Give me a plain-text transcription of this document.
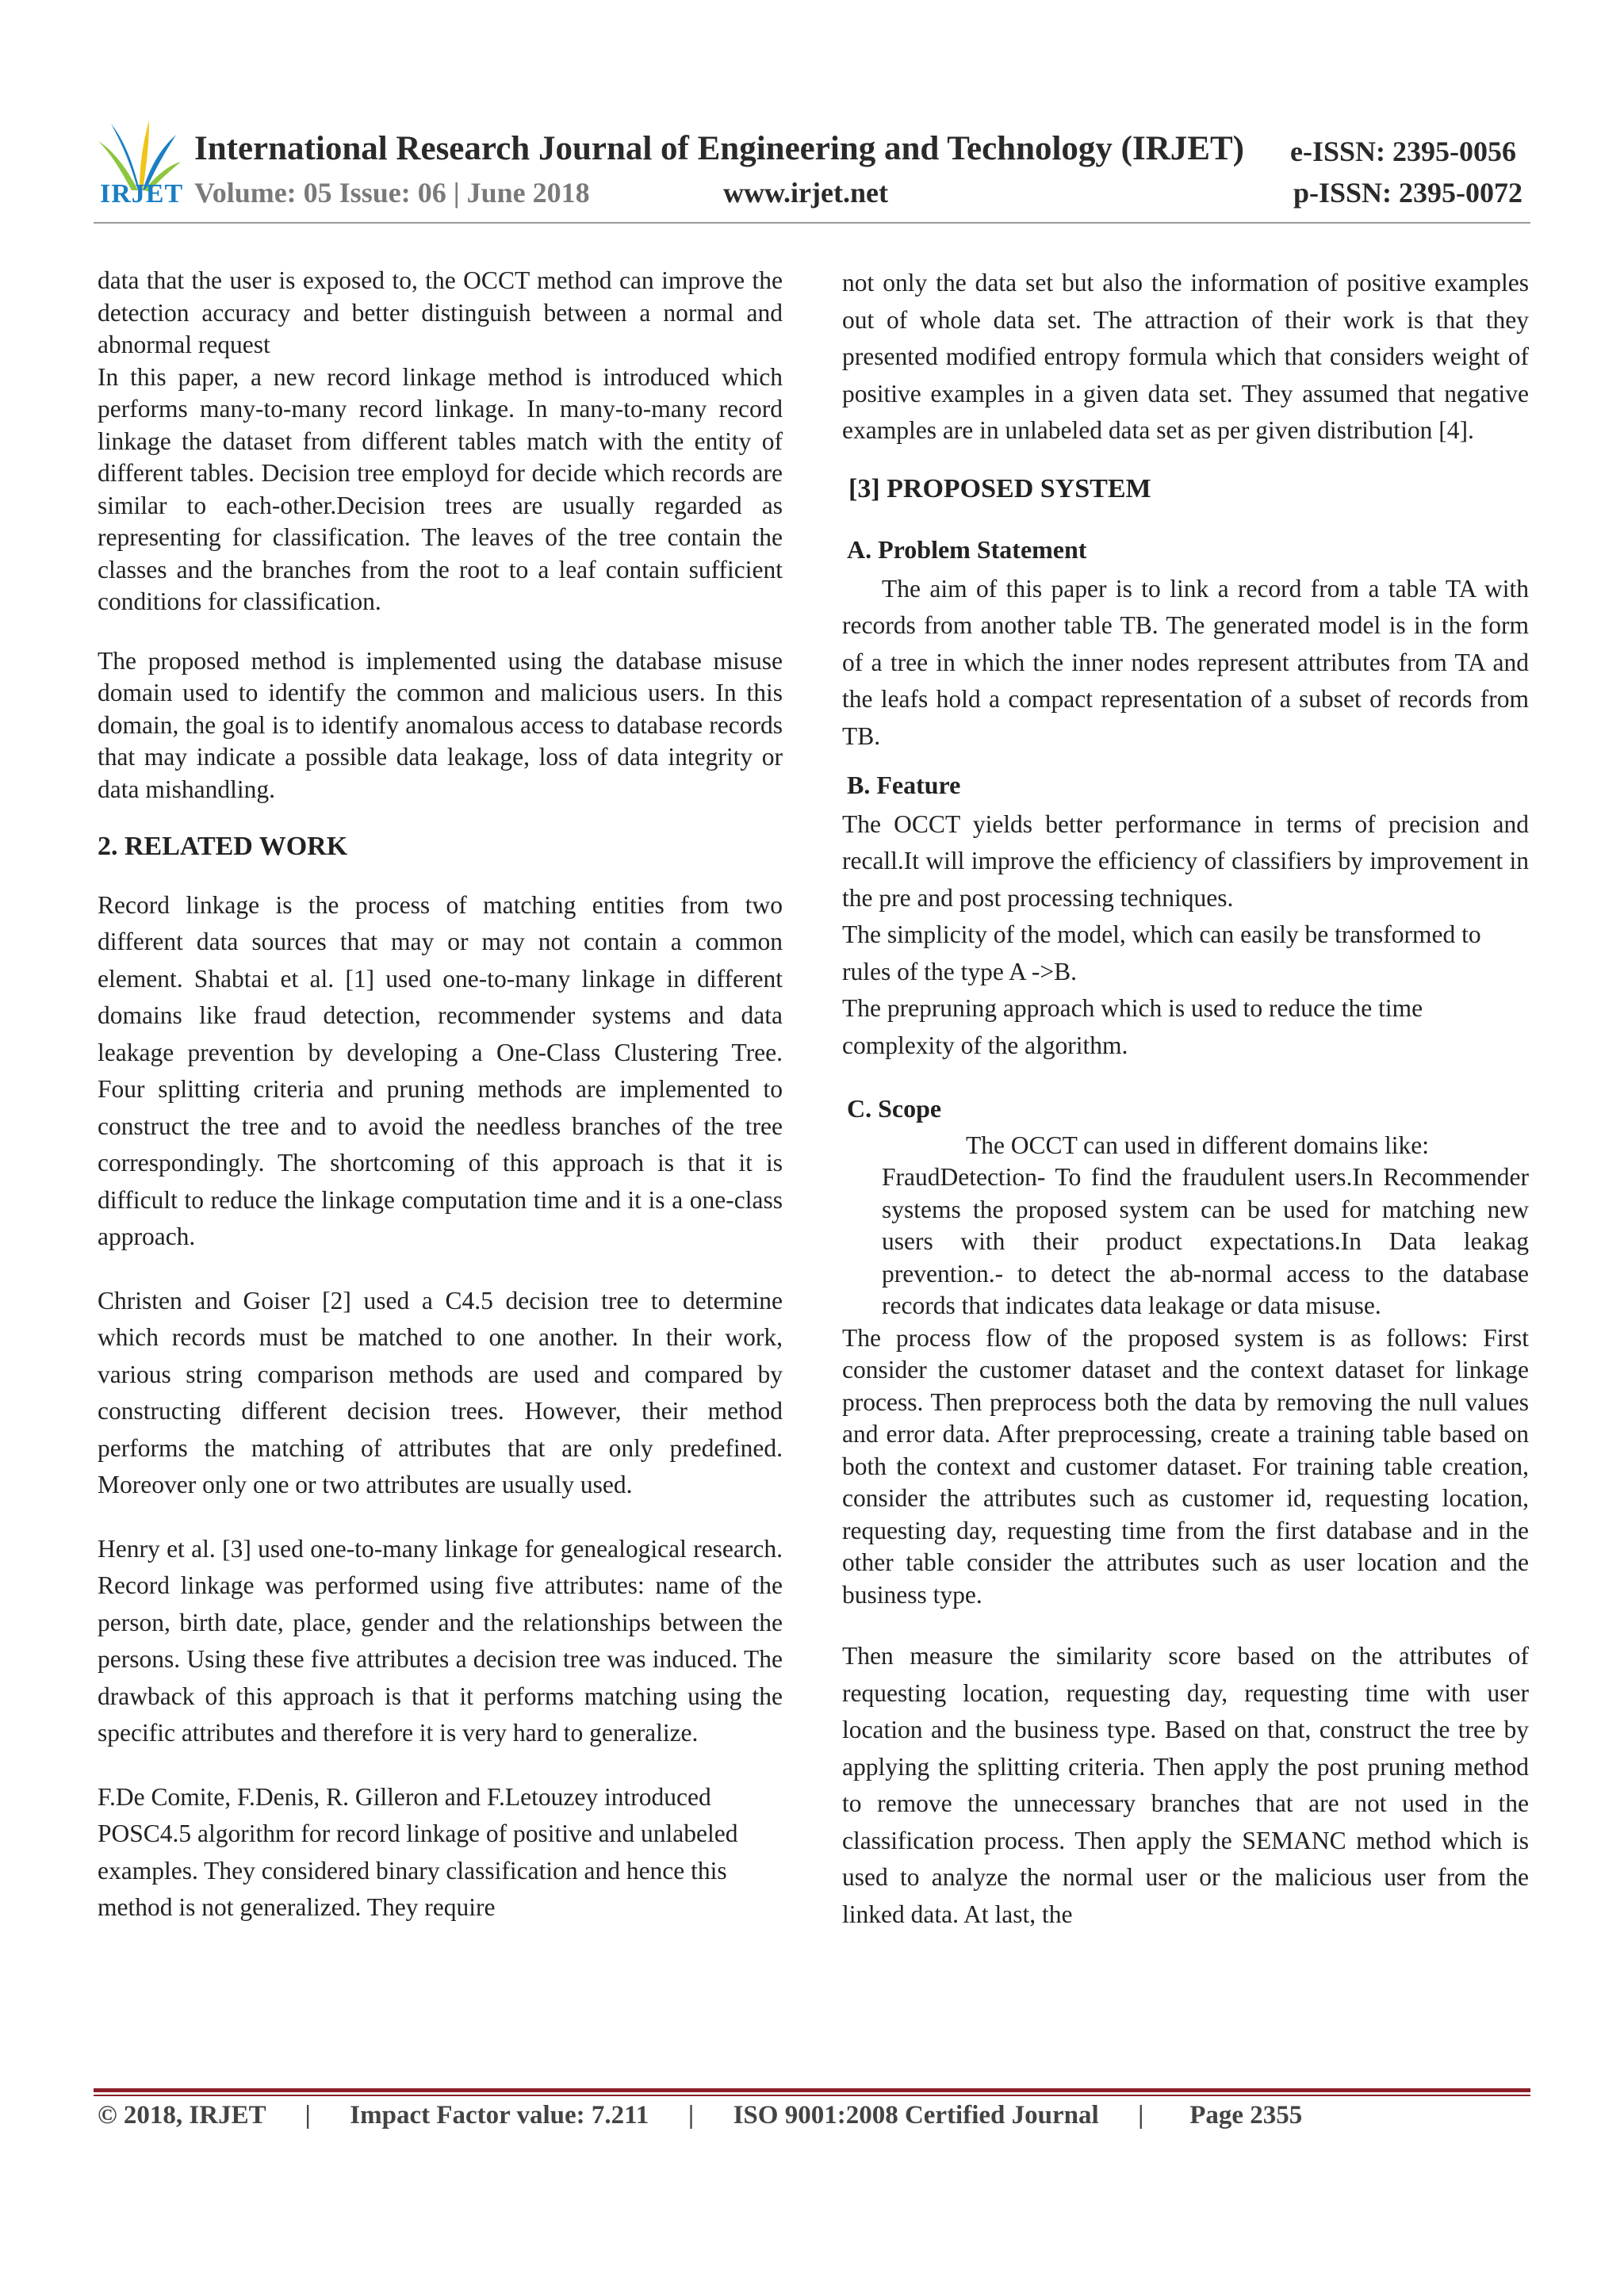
IRJET
International Research Journal of Engineering and Technology (IRJET) e-ISSN: 2395-0056
Volume: 05 Issue: 06 | June 2018	www.irjet.net	p-ISSN: 2395-0072

data that the user is exposed to, the OCCT method can improve the detection accuracy and better distinguish between a normal and abnormal request

In this paper, a new record linkage method is introduced which performs many-to-many record linkage. In many-to-many record linkage the dataset from different tables match with the entity of different tables. Decision tree employd for decide which records are similar to each-other.Decision trees are usually regarded as representing for classification. The leaves of the tree contain the classes and the branches from the root to a leaf contain sufficient conditions for classification.

The proposed method is implemented using the database misuse domain used to identify the common and malicious users. In this domain, the goal is to identify anomalous access to database records that may indicate a possible data leakage, loss of data integrity or data mishandling.

2. RELATED WORK

Record linkage is the process of matching entities from two different data sources that may or may not contain a common element. Shabtai et al. [1] used one-to-many linkage in different domains like fraud detection, recommender systems and data leakage prevention by developing a One-Class Clustering Tree. Four splitting criteria and pruning methods are implemented to construct the tree and to avoid the needless branches of the tree correspondingly. The shortcoming of this approach is that it is difficult to reduce the linkage computation time and it is a one-class approach.

Christen and Goiser [2] used a C4.5 decision tree to determine which records must be matched to one another. In their work, various string comparison methods are used and compared by constructing different decision trees. However, their method performs the matching of attributes that are only predefined. Moreover only one or two attributes are usually used.

Henry et al. [3] used one-to-many linkage for genealogical research. Record linkage was performed using five attributes: name of the person, birth date, place, gender and the relationships between the persons. Using these five attributes a decision tree was induced. The drawback of this approach is that it performs matching using the specific attributes and therefore it is very hard to generalize.

F.De Comite, F.Denis, R. Gilleron and F.Letouzey introduced POSC4.5 algorithm for record linkage of positive and unlabeled examples. They considered binary classification and hence this method is not generalized. They require

not only the data set but also the information of positive examples out of whole data set. The attraction of their work is that they presented modified entropy formula which that considers weight of positive examples in a given data set. They assumed that negative examples are in unlabeled data set as per given distribution [4].

[3] PROPOSED SYSTEM
A. Problem Statement

The aim of this paper is to link a record from a table TA with records from another table TB. The generated model is in the form of a tree in which the inner nodes represent attributes from TA and the leafs hold a compact representation of a subset of records from TB.

B. Feature

The OCCT yields better performance in terms of precision and recall.It will improve the efficiency of classifiers by improvement in the pre and post processing techniques.

The simplicity of the model, which can easily be transformed to rules of the type A ->B.

The prepruning approach which is used to reduce the time complexity of the algorithm.

C. Scope

The OCCT can used in different domains like:

FraudDetection- To find the fraudulent users.In Recommender systems the proposed system can be used for matching new users with their product expectations.In Data leakag prevention.- to detect the ab-normal access to the database records that indicates data leakage or data misuse.

The process flow of the proposed system is as follows: First consider the customer dataset and the context dataset for linkage process. Then preprocess both the data by removing the null values and error data. After preprocessing, create a training table based on both the context and customer dataset. For training table creation, consider the attributes such as customer id, requesting location, requesting day, requesting time from the first database and in the other table consider the attributes such as user location and the business type.

Then measure the similarity score based on the attributes of requesting location, requesting day, requesting time with user location and the business type. Based on that, construct the tree by applying the splitting criteria. Then apply the post pruning method to remove the unnecessary branches that are not used in the classification process. Then apply the SEMANC method which is used to analyze the normal user or the malicious user from the linked data. At last, the

© 2018, IRJET      |      Impact Factor value: 7.211      |      ISO 9001:2008 Certified Journal      |       Page 2355
